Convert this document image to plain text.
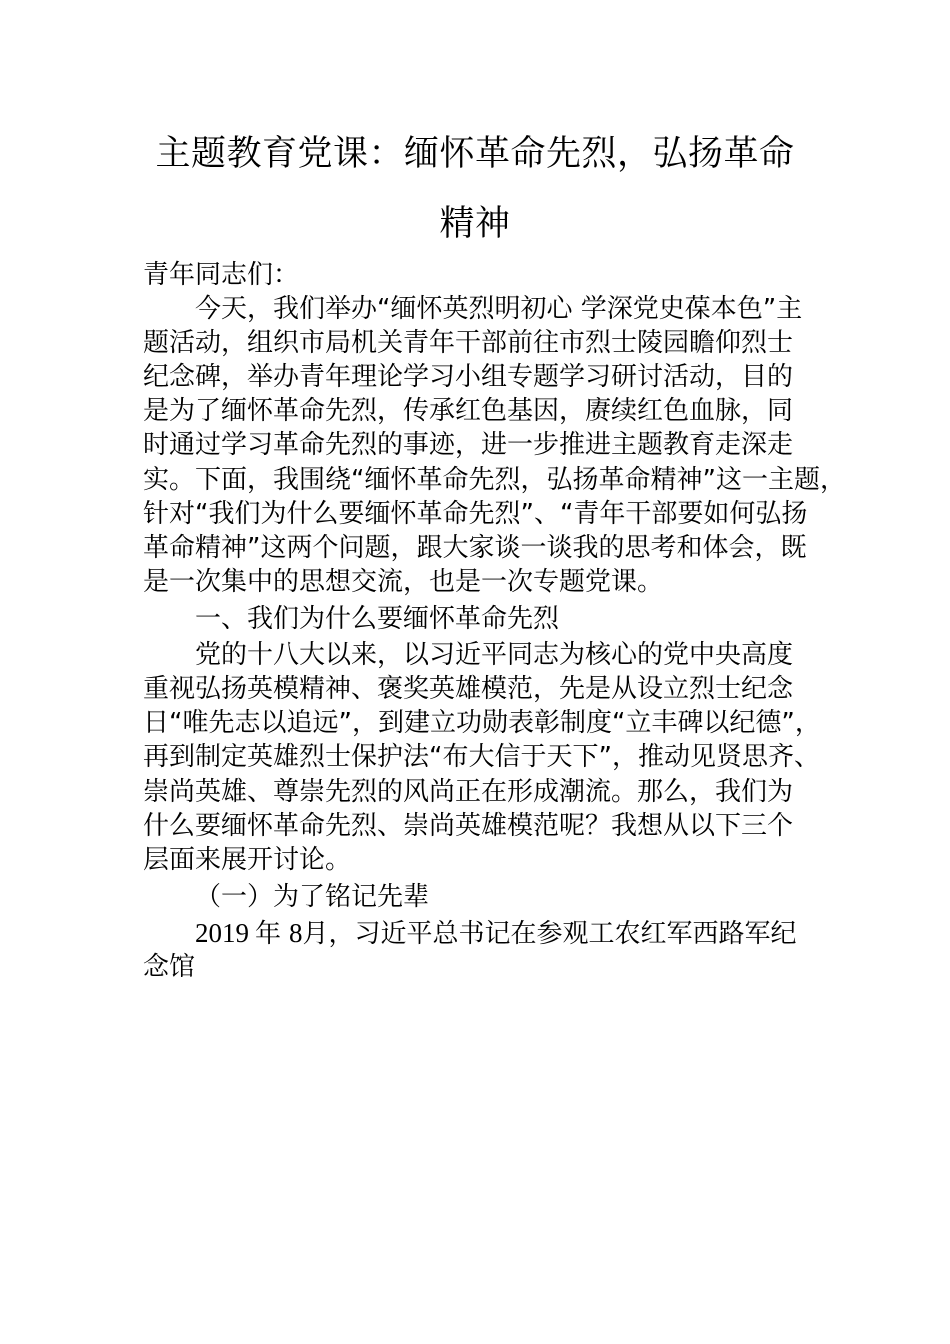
主题教育党课：缅怀革命先烈，弘扬革命
精神
青年同志们：
今天，我们举办“缅怀英烈明初心 学深党史葆本色”主
题活动，组织市局机关青年干部前往市烈士陵园瞻仰烈士
纪念碑，举办青年理论学习小组专题学习研讨活动，目的
是为了缅怀革命先烈，传承红色基因，赓续红色血脉，同
时通过学习革命先烈的事迹，进一步推进主题教育走深走
实。下面，我围绕“缅怀革命先烈，弘扬革命精神”这一主题，
针对“我们为什么要缅怀革命先烈”、“青年干部要如何弘扬
革命精神”这两个问题，跟大家谈一谈我的思考和体会，既
是一次集中的思想交流，也是一次专题党课。
一、我们为什么要缅怀革命先烈
党的十八大以来，以习近平同志为核心的党中央高度
重视弘扬英模精神、褒奖英雄模范，先是从设立烈士纪念
日“唯先志以追远”，到建立功勋表彰制度“立丰碑以纪德”，
再到制定英雄烈士保护法“布大信于天下”，推动见贤思齐、
崇尚英雄、尊崇先烈的风尚正在形成潮流。那么，我们为
什么要缅怀革命先烈、崇尚英雄模范呢？我想从以下三个
层面来展开讨论。
（一）为了铭记先辈
2019 年 8月，习近平总书记在参观工农红军西路军纪
念馆
